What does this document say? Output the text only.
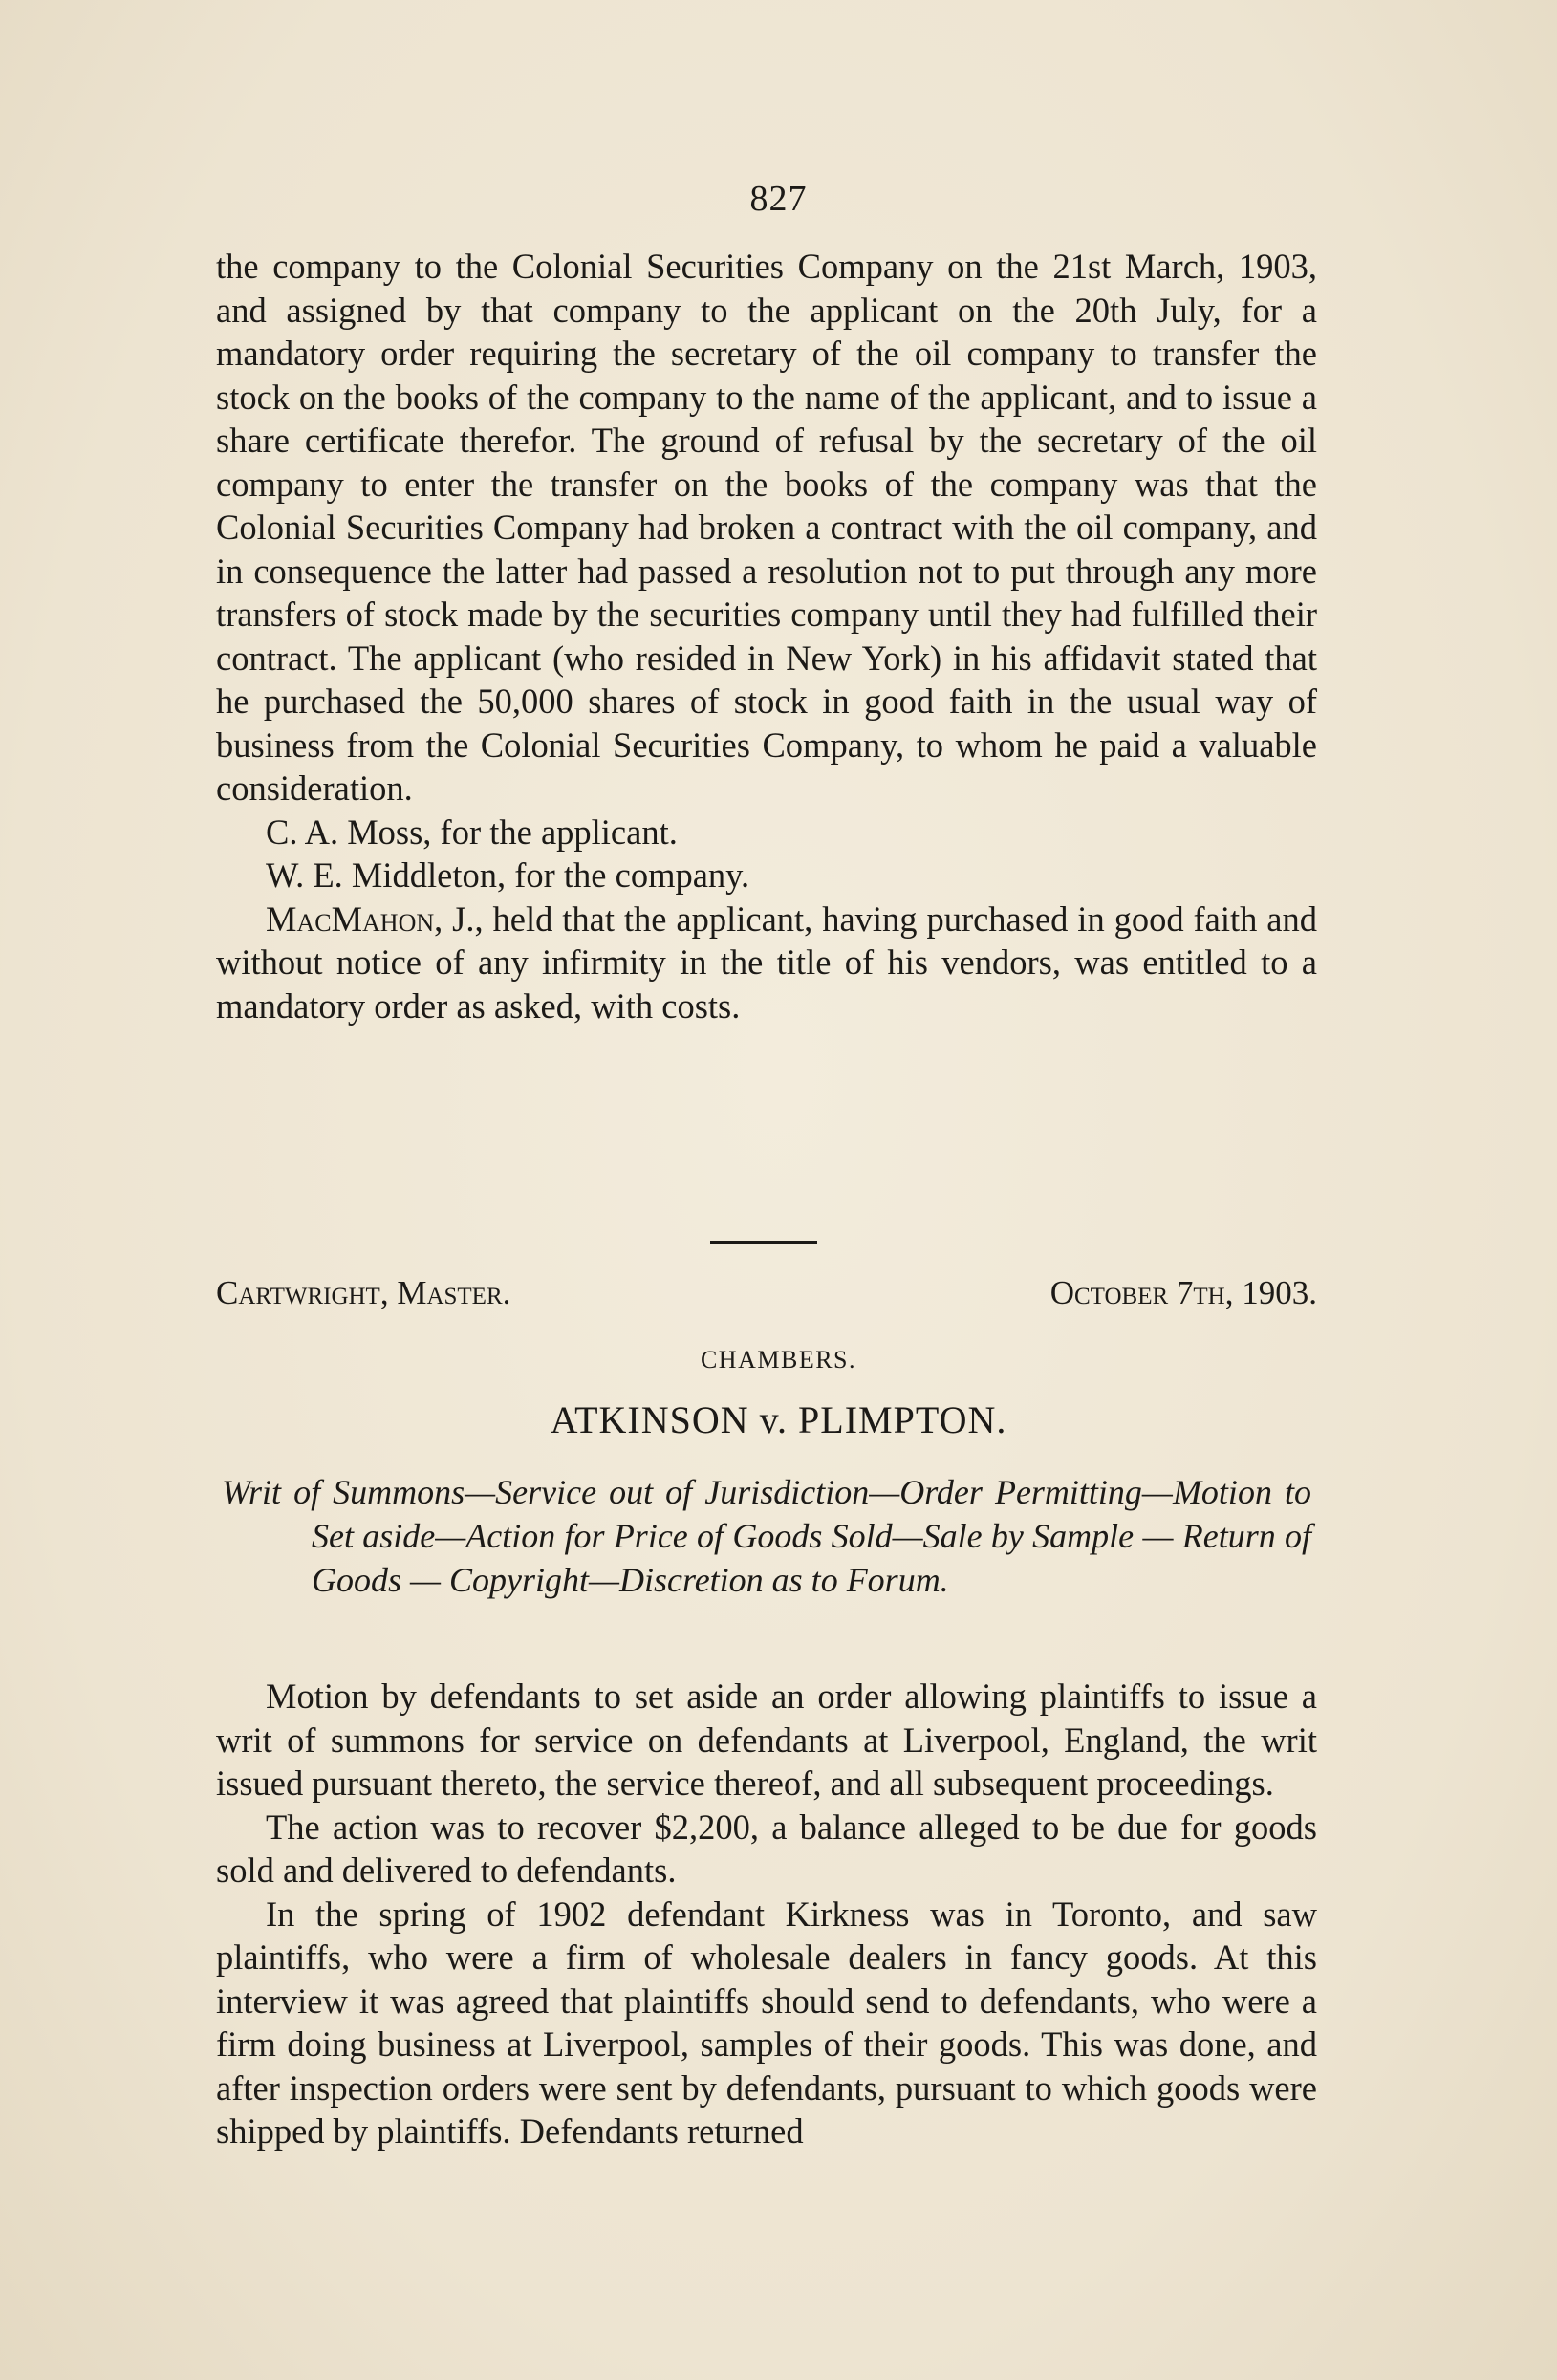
827

the company to the Colonial Securities Company on the 21st March, 1903, and assigned by that company to the applicant on the 20th July, for a mandatory order requiring the secretary of the oil company to transfer the stock on the books of the company to the name of the applicant, and to issue a share certificate therefor. The ground of refusal by the secretary of the oil company to enter the transfer on the books of the company was that the Colonial Securities Company had broken a contract with the oil company, and in consequence the latter had passed a resolution not to put through any more transfers of stock made by the securities company until they had fulfilled their contract. The applicant (who resided in New York) in his affidavit stated that he purchased the 50,000 shares of stock in good faith in the usual way of business from the Colonial Securities Company, to whom he paid a valuable consideration.

C. A. Moss, for the applicant.

W. E. Middleton, for the company.

MacMahon, J., held that the applicant, having purchased in good faith and without notice of any infirmity in the title of his vendors, was entitled to a mandatory order as asked, with costs.

Cartwright, Master.	October 7th, 1903.
CHAMBERS.
ATKINSON v. PLIMPTON.
Writ of Summons—Service out of Jurisdiction—Order Permitting—Motion to Set aside—Action for Price of Goods Sold—Sale by Sample — Return of Goods — Copyright—Discretion as to Forum.

Motion by defendants to set aside an order allowing plaintiffs to issue a writ of summons for service on defendants at Liverpool, England, the writ issued pursuant thereto, the service thereof, and all subsequent proceedings.

The action was to recover $2,200, a balance alleged to be due for goods sold and delivered to defendants.

In the spring of 1902 defendant Kirkness was in Toronto, and saw plaintiffs, who were a firm of wholesale dealers in fancy goods. At this interview it was agreed that plaintiffs should send to defendants, who were a firm doing business at Liverpool, samples of their goods. This was done, and after inspection orders were sent by defendants, pursuant to which goods were shipped by plaintiffs. Defendants returned
